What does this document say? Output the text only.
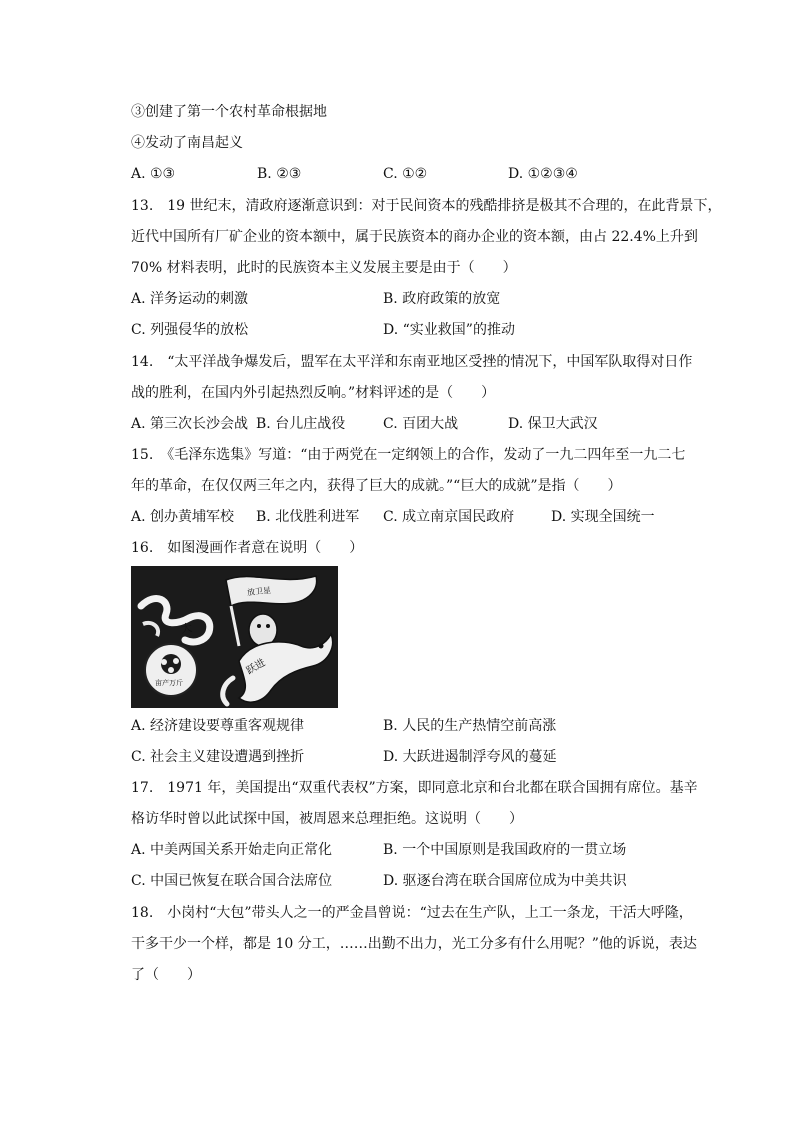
③创建了第一个农村革命根据地
④发动了南昌起义
A. ①③	B. ②③	C. ①②	D. ①②③④
13.　19 世纪末，清政府逐渐意识到：对于民间资本的残酷排挤是极其不合理的，在此背景下，
近代中国所有厂矿企业的资本额中，属于民族资本的商办企业的资本额，由占 22.4%上升到
70% 材料表明，此时的民族资本主义发展主要是由于（　　）
A. 洋务运动的刺激	B. 政府政策的放宽
C. 列强侵华的放松	D. “实业救国”的推动
14.　“太平洋战争爆发后，盟军在太平洋和东南亚地区受挫的情况下，中国军队取得对日作
战的胜利，在国内外引起热烈反响。”材料评述的是（　　）
A. 第三次长沙会战 B. 台儿庄战役	C. 百团大战	D. 保卫大武汉
15.　《毛泽东选集》写道：“由于两党在一定纲领上的合作，发动了一九二四年至一九二七
年的革命，在仅仅两三年之内，获得了巨大的成就。”“巨大的成就”是指（　　）
A. 创办黄埔军校 B. 北伐胜利进军 C. 成立南京国民政府	D. 实现全国统一
16.　如图漫画作者意在说明（　　）
大
放卫星
亩产万斤
跃进
A. 经济建设要尊重客观规律	B. 人民的生产热情空前高涨
C. 社会主义建设遭遇到挫折	D. 大跃进遏制浮夸风的蔓延
17.　1971 年，美国提出“双重代表权”方案，即同意北京和台北都在联合国拥有席位。基辛
格访华时曾以此试探中国，被周恩来总理拒绝。这说明（　　）
A. 中美两国关系开始走向正常化	B. 一个中国原则是我国政府的一贯立场
C. 中国已恢复在联合国合法席位	D. 驱逐台湾在联合国席位成为中美共识
18.　小岗村“大包”带头人之一的严金昌曾说：“过去在生产队，上工一条龙，干活大呼隆，
干多干少一个样，都是 10 分工，……出勤不出力，光工分多有什么用呢？”他的诉说，表达
了（　　）
